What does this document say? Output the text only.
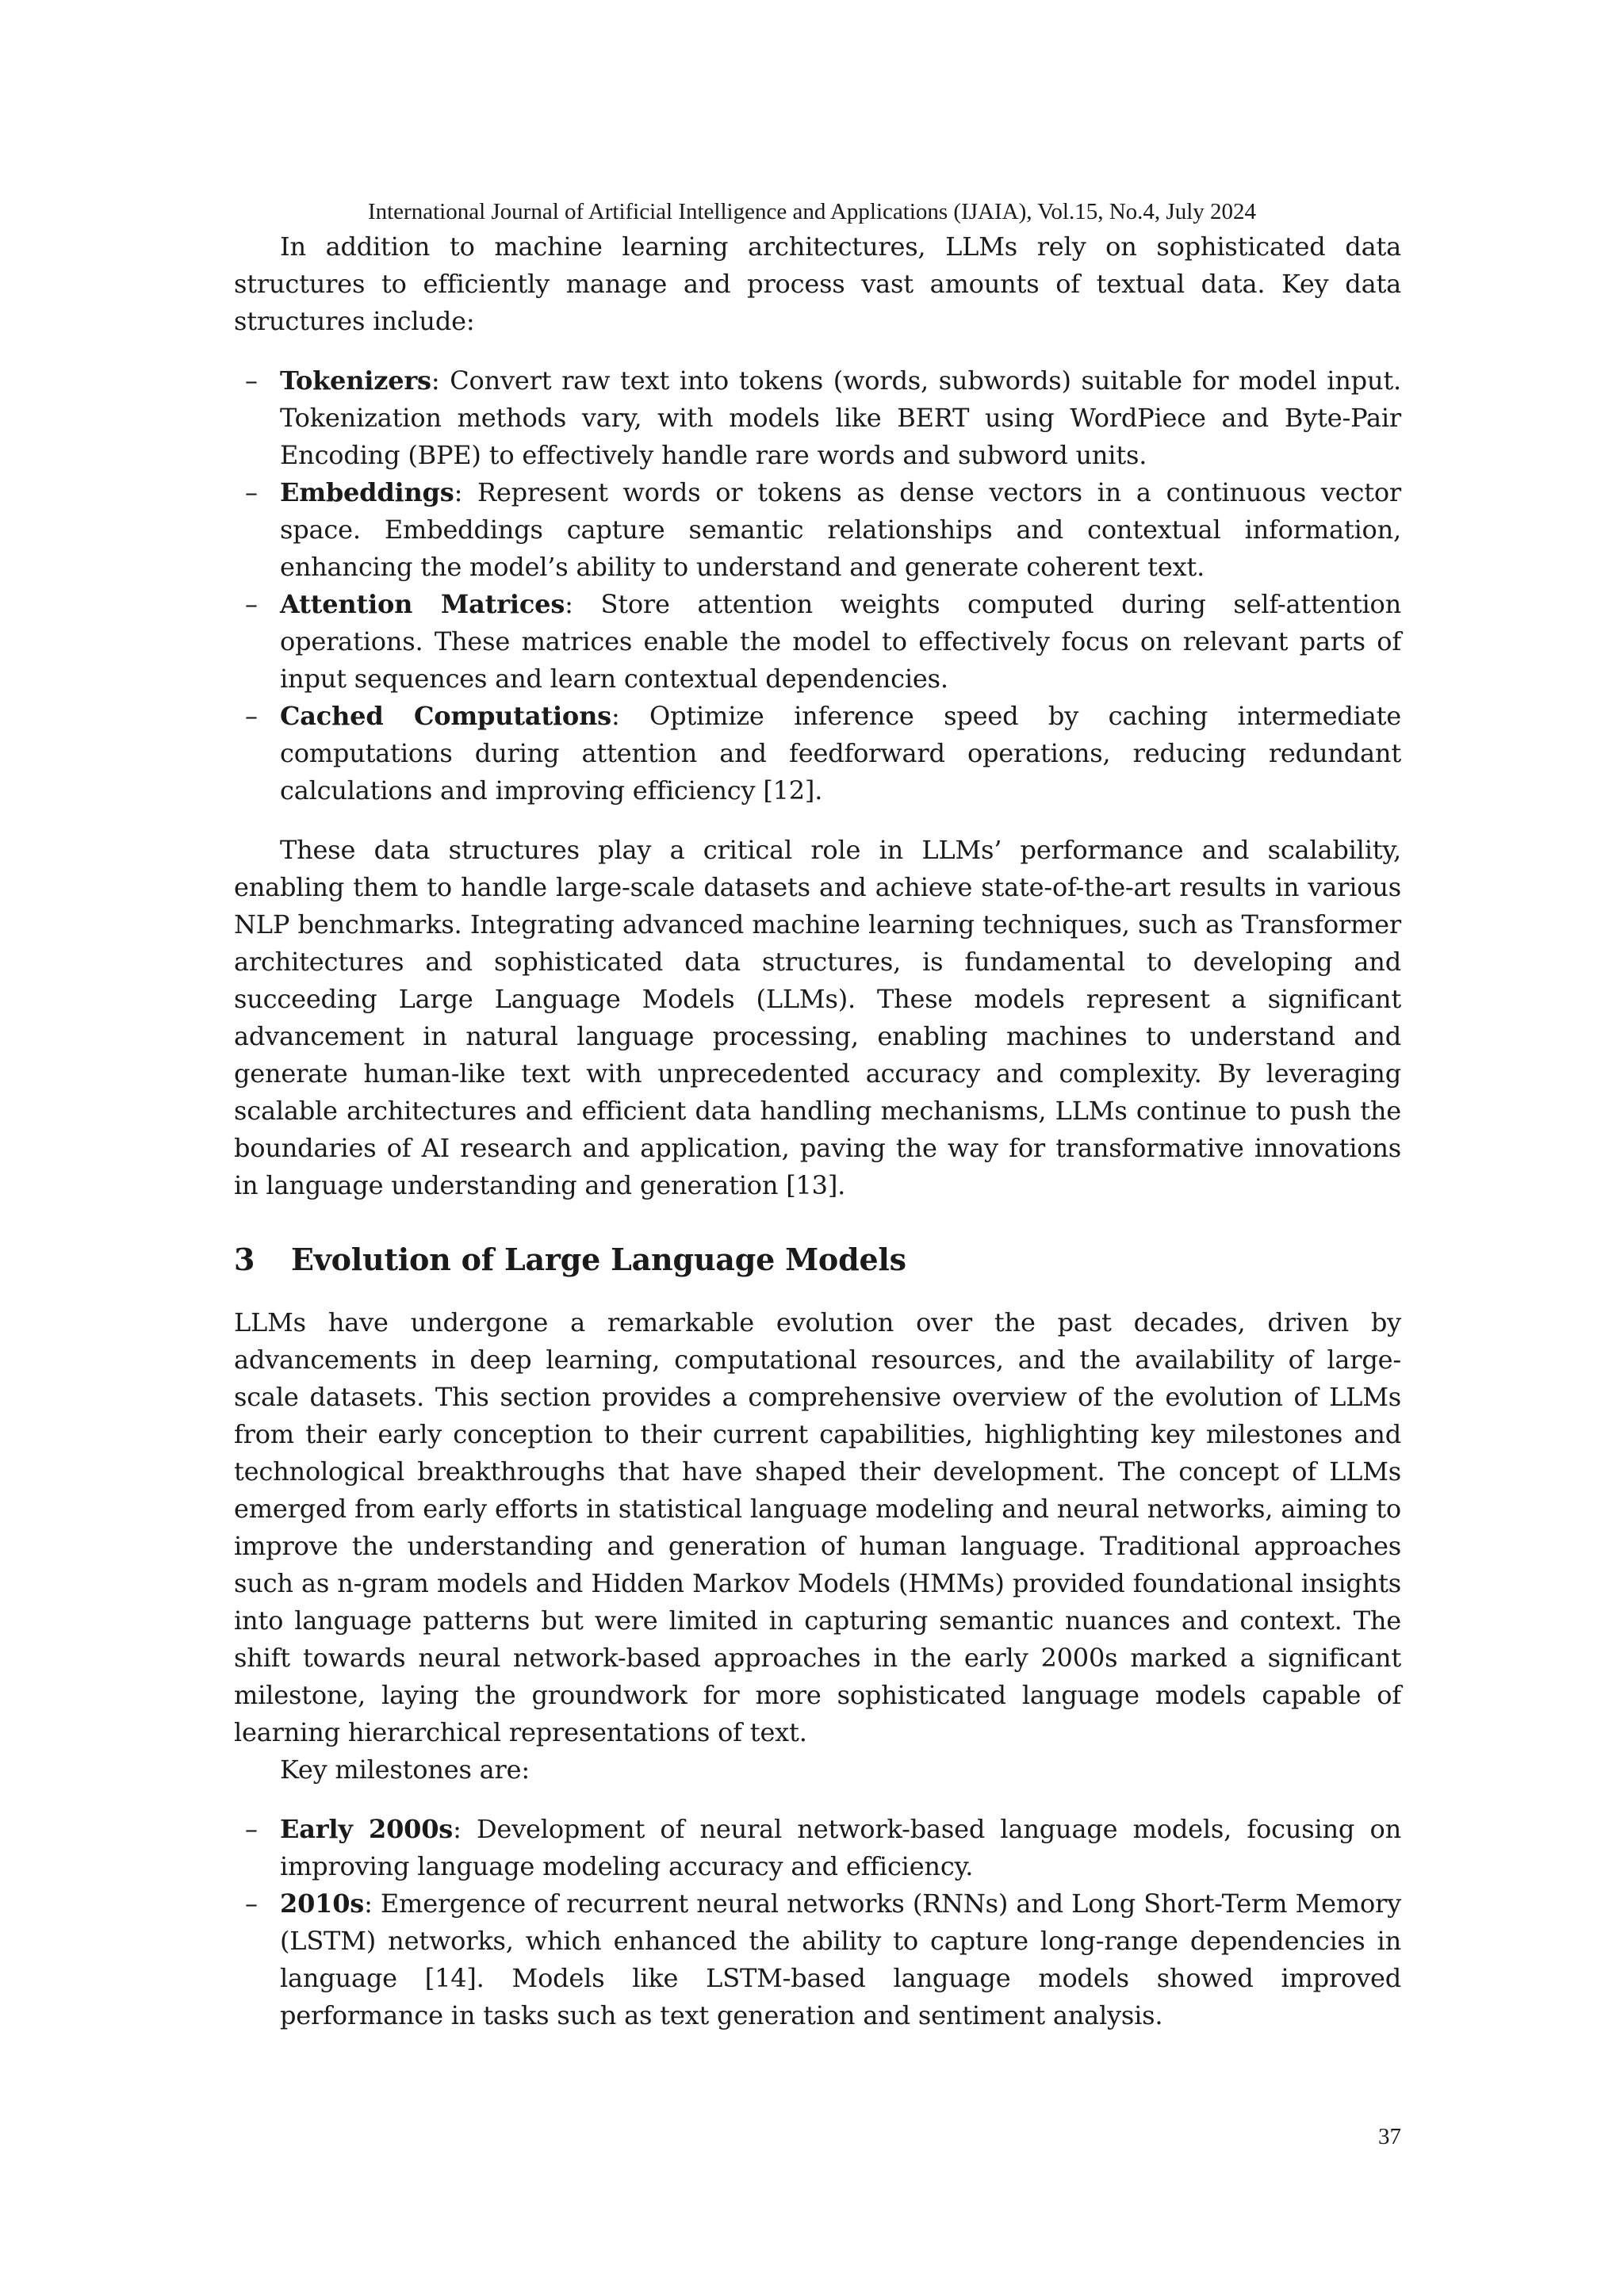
International Journal of Artificial Intelligence and Applications (IJAIA), Vol.15, No.4, July 2024

In addition to machine learning architectures, LLMs rely on sophisticated data structures to efficiently manage and process vast amounts of textual data. Key data structures include:

– Tokenizers: Convert raw text into tokens (words, subwords) suitable for model input. Tokenization methods vary, with models like BERT using WordPiece and Byte-Pair Encoding (BPE) to effectively handle rare words and subword units.
– Embeddings: Represent words or tokens as dense vectors in a continuous vector space. Embeddings capture semantic relationships and contextual information, enhancing the model’s ability to understand and generate coherent text.
– Attention Matrices: Store attention weights computed during self-attention operations. These matrices enable the model to effectively focus on relevant parts of input sequences and learn contextual dependencies.
– Cached Computations: Optimize inference speed by caching intermediate computations during attention and feedforward operations, reducing redundant calculations and improving efficiency [12].

These data structures play a critical role in LLMs’ performance and scalability, enabling them to handle large-scale datasets and achieve state-of-the-art results in various NLP benchmarks. Integrating advanced machine learning techniques, such as Transformer architectures and sophisticated data structures, is fundamental to developing and succeeding Large Language Models (LLMs). These models represent a significant advancement in natural language processing, enabling machines to understand and generate human-like text with unprecedented accuracy and complexity. By leveraging scalable architectures and efficient data handling mechanisms, LLMs continue to push the boundaries of AI research and application, paving the way for transformative innovations in language understanding and generation [13].

3 Evolution of Large Language Models

LLMs have undergone a remarkable evolution over the past decades, driven by advancements in deep learning, computational resources, and the availability of large-scale datasets. This section provides a comprehensive overview of the evolution of LLMs from their early conception to their current capabilities, highlighting key milestones and technological breakthroughs that have shaped their development. The concept of LLMs emerged from early efforts in statistical language modeling and neural networks, aiming to improve the understanding and generation of human language. Traditional approaches such as n-gram models and Hidden Markov Models (HMMs) provided foundational insights into language patterns but were limited in capturing semantic nuances and context. The shift towards neural network-based approaches in the early 2000s marked a significant milestone, laying the groundwork for more sophisticated language models capable of learning hierarchical representations of text.

Key milestones are:

– Early 2000s: Development of neural network-based language models, focusing on improving language modeling accuracy and efficiency.
– 2010s: Emergence of recurrent neural networks (RNNs) and Long Short-Term Memory (LSTM) networks, which enhanced the ability to capture long-range dependencies in language [14]. Models like LSTM-based language models showed improved performance in tasks such as text generation and sentiment analysis.
37
